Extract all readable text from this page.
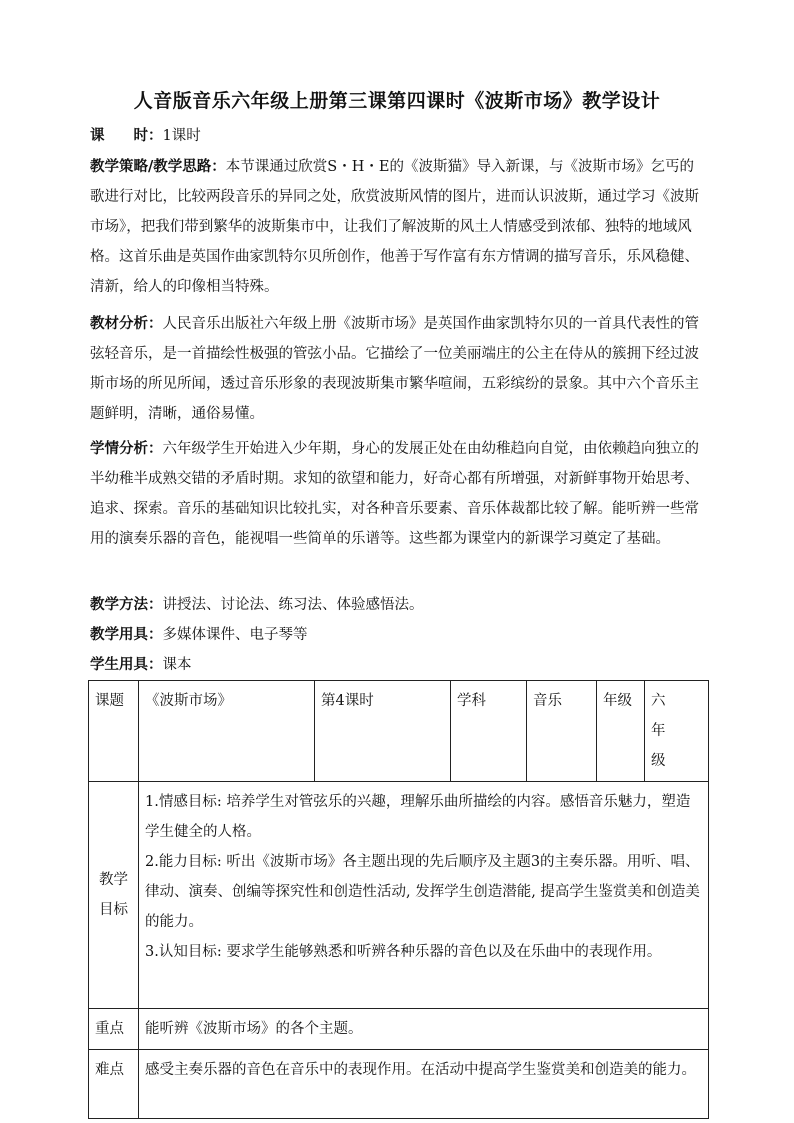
人音版音乐六年级上册第三课第四课时《波斯市场》教学设计
课　　时：1课时
教学策略/教学思路：本节课通过欣赏S・H・E的《波斯猫》导入新课，与《波斯市场》乞丐的歌进行对比，比较两段音乐的异同之处，欣赏波斯风情的图片，进而认识波斯，通过学习《波斯市场》，把我们带到繁华的波斯集市中，让我们了解波斯的风土人情感受到浓郁、独特的地域风格。这首乐曲是英国作曲家凯特尔贝所创作，他善于写作富有东方情调的描写音乐，乐风稳健、清新，给人的印像相当特殊。
教材分析：人民音乐出版社六年级上册《波斯市场》是英国作曲家凯特尔贝的一首具代表性的管弦轻音乐，是一首描绘性极强的管弦小品。它描绘了一位美丽端庄的公主在侍从的簇拥下经过波斯市场的所见所闻，透过音乐形象的表现波斯集市繁华喧闹，五彩缤纷的景象。其中六个音乐主题鲜明，清晰，通俗易懂。
学情分析：六年级学生开始进入少年期，身心的发展正处在由幼稚趋向自觉，由依赖趋向独立的半幼稚半成熟交错的矛盾时期。求知的欲望和能力，好奇心都有所增强，对新鲜事物开始思考、追求、探索。音乐的基础知识比较扎实，对各种音乐要素、音乐体裁都比较了解。能听辨一些常用的演奏乐器的音色，能视唱一些简单的乐谱等。这些都为课堂内的新课学习奠定了基础。
教学方法：讲授法、讨论法、练习法、体验感悟法。
教学用具：多媒体课件、电子琴等
学生用具：课本
课题	《波斯市场》	第4课时	学科	音乐	年级	六年
级
教学
目标	1.情感目标: 培养学生对管弦乐的兴趣，理解乐曲所描绘的内容。感悟音乐魅力，塑造学生健全的人格。
2.能力目标: 听出《波斯市场》各主题出现的先后顺序及主题3的主奏乐器。用听、唱、律动、演奏、创编等探究性和创造性活动, 发挥学生创造潜能, 提高学生鉴赏美和创造美的能力。
3.认知目标: 要求学生能够熟悉和听辨各种乐器的音色以及在乐曲中的表现作用。					

重点	能听辨《波斯市场》的各个主题。					
难点	感受主奏乐器的音色在音乐中的表现作用。在活动中提高学生鉴赏美和创造美的能力。					
